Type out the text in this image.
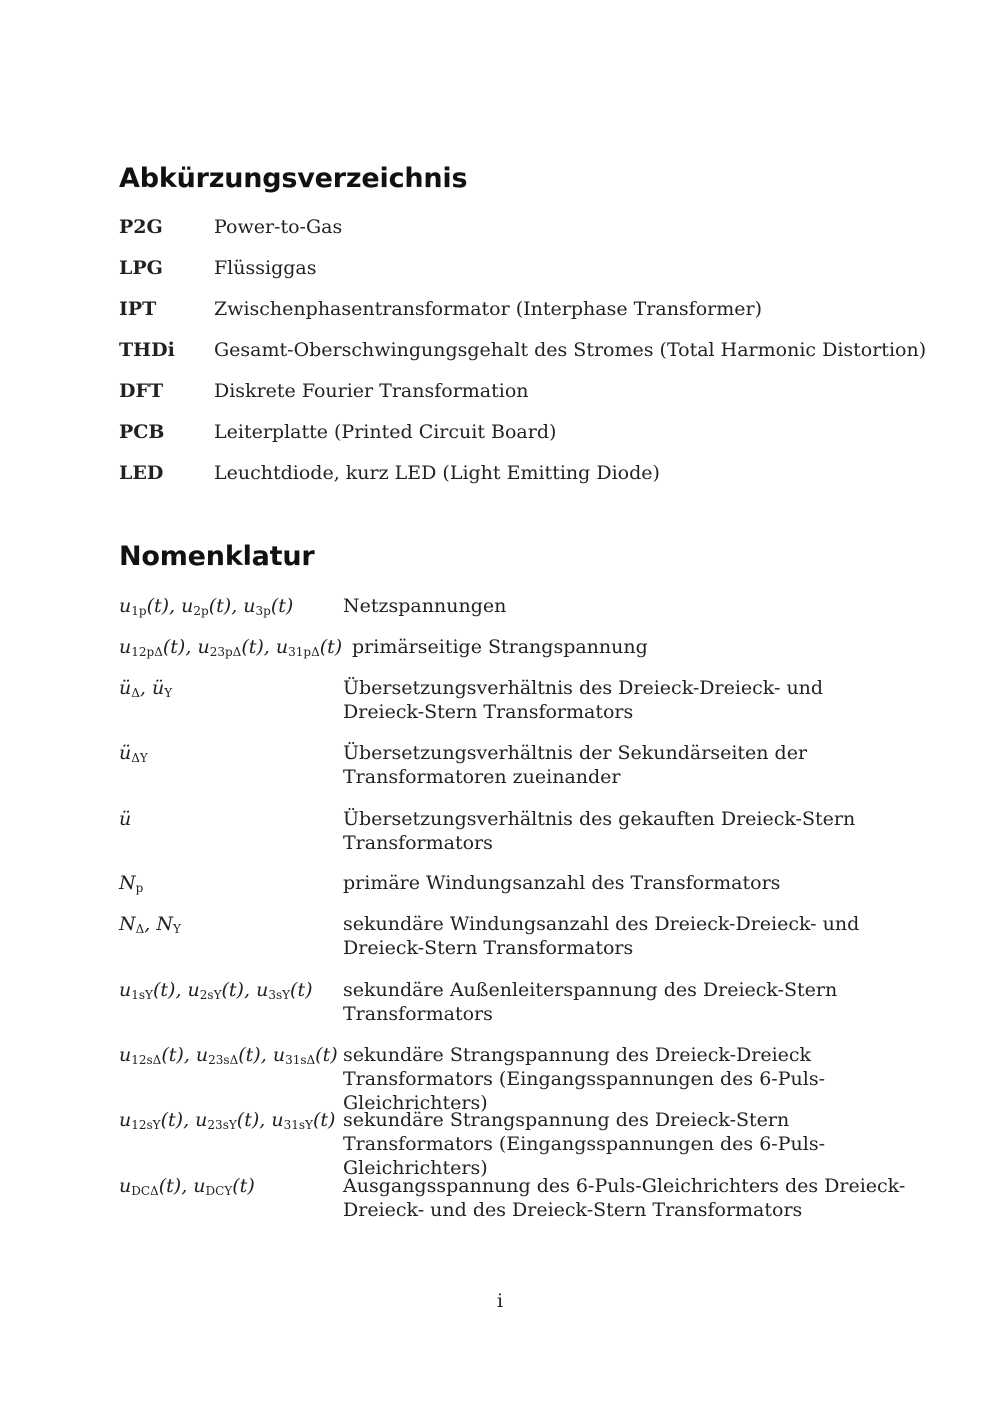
Abkürzungsverzeichnis
P2G	Power-to-Gas
LPG	Flüssiggas
IPT	Zwischenphasentransformator (Interphase Transformer)
THDi Gesamt-Oberschwingungsgehalt des Stromes (Total Harmonic Distortion)
DFT	Diskrete Fourier Transformation
PCB	Leiterplatte (Printed Circuit Board)
LED	Leuchtdiode, kurz LED (Light Emitting Diode)
Nomenklatur
$u_{1p}(t)$, $u_{2p}(t)$, $u_{3p}(t)$	Netzspannungen
$u_{12p\Delta}(t)$, $u_{23p\Delta}(t)$, $u_{31p\Delta}(t)$ primärseitige Strangspannung
$ü_\Delta$, $ü_Y$	Übersetzungsverhältnis des Dreieck-Dreieck- und Dreieck-Stern Transformators
$ü_{\Delta Y}$	Übersetzungsverhältnis der Sekundärseiten der Transformatoren zueinander
ü	Übersetzungsverhältnis des gekauften Dreieck-Stern Transformators
$N_p$	primäre Windungsanzahl des Transformators
$N_\Delta$, $N_Y$	sekundäre Windungsanzahl des Dreieck-Dreieck- und Dreieck-Stern Transformators
$u_{1sY}(t)$, $u_{2sY}(t)$, $u_{3sY}(t)$ sekundäre Außenleiterspannung des Dreieck-Stern Transformators
$u_{12s\Delta}(t)$, $u_{23s\Delta}(t)$, $u_{31s\Delta}(t)$ sekundäre Strangspannung des Dreieck-Dreieck Transformators (Eingangsspannungen des 6-Puls-Gleichrichters)
$u_{12sY}(t)$, $u_{23sY}(t)$, $u_{31sY}(t)$ sekundäre Strangspannung des Dreieck-Stern Transformators (Eingangsspannungen des 6-Puls-Gleichrichters)
$u_{DC\Delta}(t)$, $u_{DCY}(t)$	Ausgangsspannung des 6-Puls-Gleichrichters des Dreieck-Dreieck- und des Dreieck-Stern Transformators
i
